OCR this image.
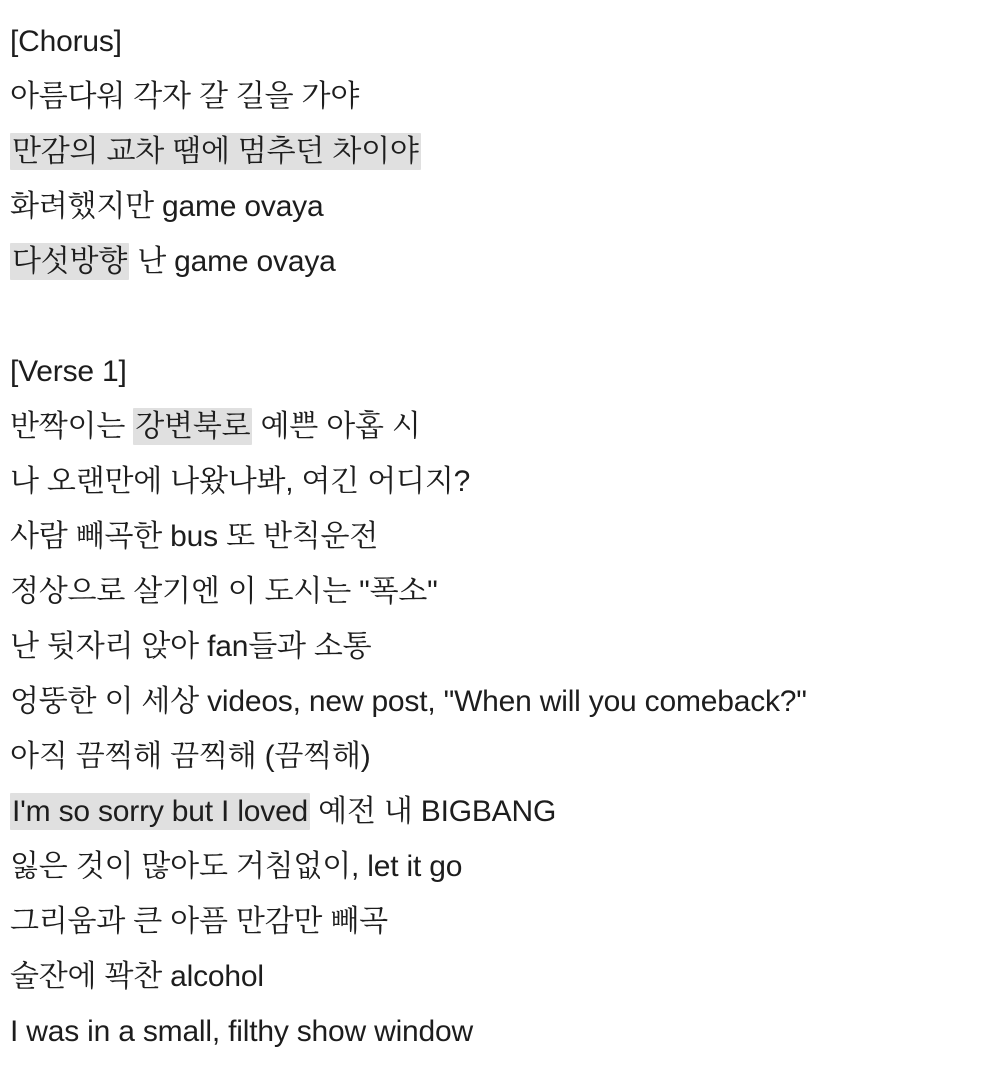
[Chorus]
아름다워 각자 갈 길을 가야
만감의 교차 땜에 멈추던 차이야
화려했지만 game ovaya
다섯방향 난 game ovaya
[Verse 1]
반짝이는 강변북로 예쁜 아홉 시
나 오랜만에 나왔나봐, 여긴 어디지?
사람 빼곡한 bus 또 반칙운전
정상으로 살기엔 이 도시는 "폭소"
난 뒷자리 앉아 fan들과 소통
엉뚱한 이 세상 videos, new post, "When will you comeback?"
아직 끔찍해 끔찍해 (끔찍해)
I'm so sorry but I loved 예전 내 BIGBANG
잃은 것이 많아도 거침없이, let it go
그리움과 큰 아픔 만감만 빼곡
술잔에 꽉찬 alcohol
I was in a small, filthy show window
